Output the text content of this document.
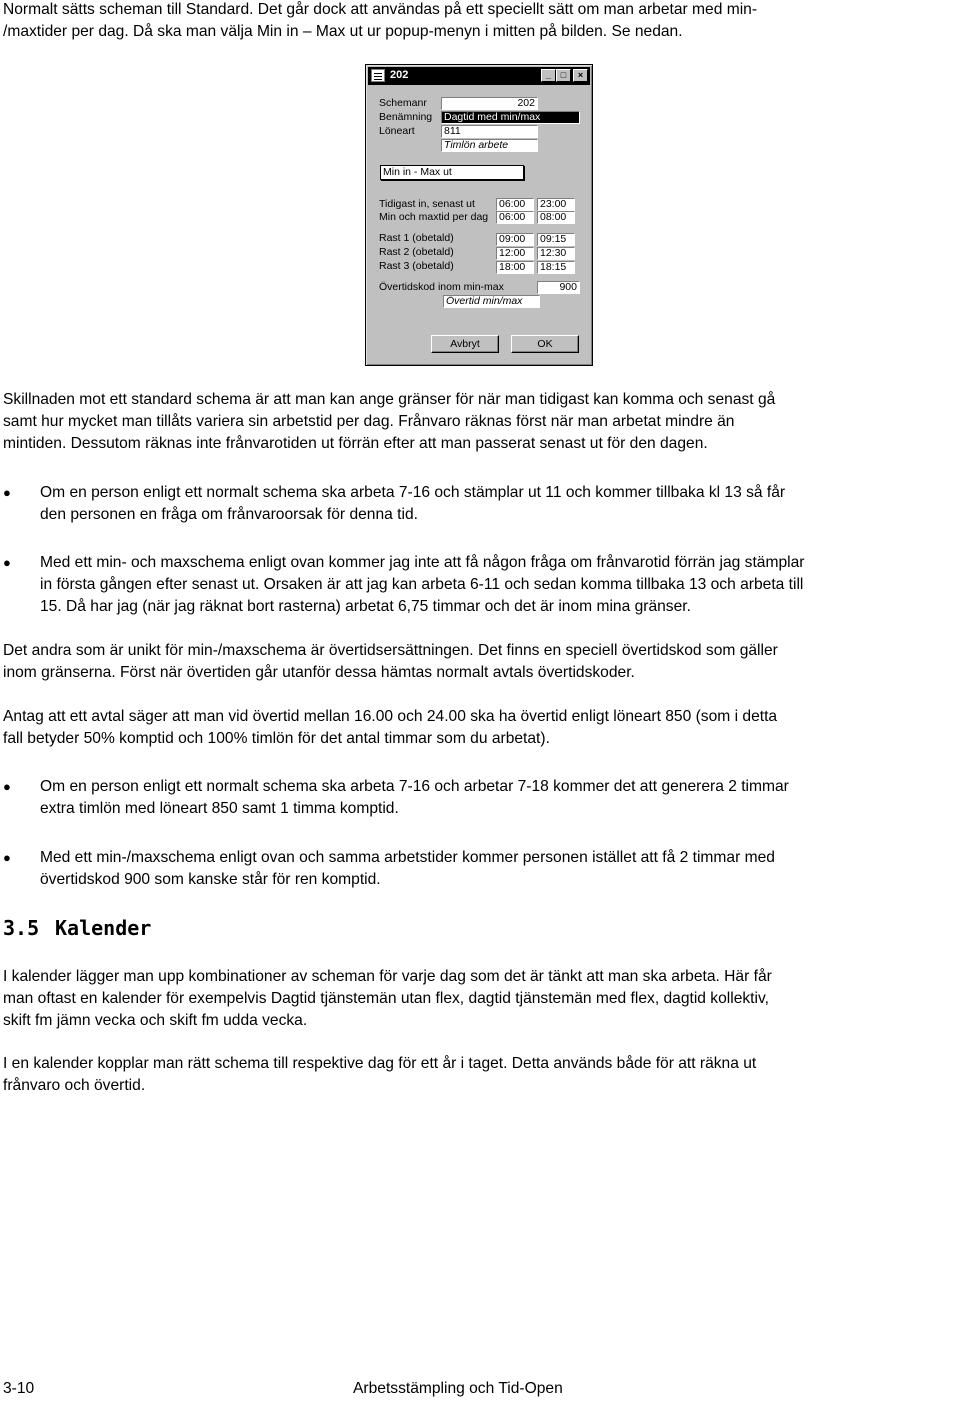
Normalt sätts scheman till Standard. Det går dock att användas på ett speciellt sätt om man arbetar med min-
/maxtider per dag. Då ska man välja Min in – Max ut ur popup-menyn i mitten på bilden. Se nedan.
202	_	□	×
Schemanr	202
Benämning Dagtid med min/max
Löneart	811
Timlön arbete
Min in - Max ut
Tidigast in, senast ut 06:00	23:00
Min och maxtid per dag 06:00	08:00
Rast 1 (obetald)	09:00	09:15
Rast 2 (obetald)	12:00	12:30
Rast 3 (obetald)	18:00	18:15
Övertidskod inom min-max	900
Övertid min/max
Avbryt	OK
Skillnaden mot ett standard schema är att man kan ange gränser för när man tidigast kan komma och senast gå
samt hur mycket man tillåts variera sin arbetstid per dag. Frånvaro räknas först när man arbetat mindre än
mintiden. Dessutom räknas inte frånvarotiden ut förrän efter att man passerat senast ut för den dagen.
●	Om en person enligt ett normalt schema ska arbeta 7-16 och stämplar ut 11 och kommer tillbaka kl 13 så får
den personen en fråga om frånvaroorsak för denna tid.
●	Med ett min- och maxschema enligt ovan kommer jag inte att få någon fråga om frånvarotid förrän jag stämplar
in första gången efter senast ut. Orsaken är att jag kan arbeta 6-11 och sedan komma tillbaka 13 och arbeta till
15. Då har jag (när jag räknat bort rasterna) arbetat 6,75 timmar och det är inom mina gränser.
Det andra som är unikt för min-/maxschema är övertidsersättningen. Det finns en speciell övertidskod som gäller
inom gränserna. Först när övertiden går utanför dessa hämtas normalt avtals övertidskoder.
Antag att ett avtal säger att man vid övertid mellan 16.00 och 24.00 ska ha övertid enligt löneart 850 (som i detta
fall betyder 50% komptid och 100% timlön för det antal timmar som du arbetat).
●	Om en person enligt ett normalt schema ska arbeta 7-16 och arbetar 7-18 kommer det att generera 2 timmar
extra timlön med löneart 850 samt 1 timma komptid.
●	Med ett min-/maxschema enligt ovan och samma arbetstider kommer personen istället att få 2 timmar med
övertidskod 900 som kanske står för ren komptid.
3.5 Kalender
I kalender lägger man upp kombinationer av scheman för varje dag som det är tänkt att man ska arbeta. Här får
man oftast en kalender för exempelvis Dagtid tjänstemän utan flex, dagtid tjänstemän med flex, dagtid kollektiv,
skift fm jämn vecka och skift fm udda vecka.
I en kalender kopplar man rätt schema till respektive dag för ett år i taget. Detta används både för att räkna ut
frånvaro och övertid.
3-10	Arbetsstämpling och Tid-Open
